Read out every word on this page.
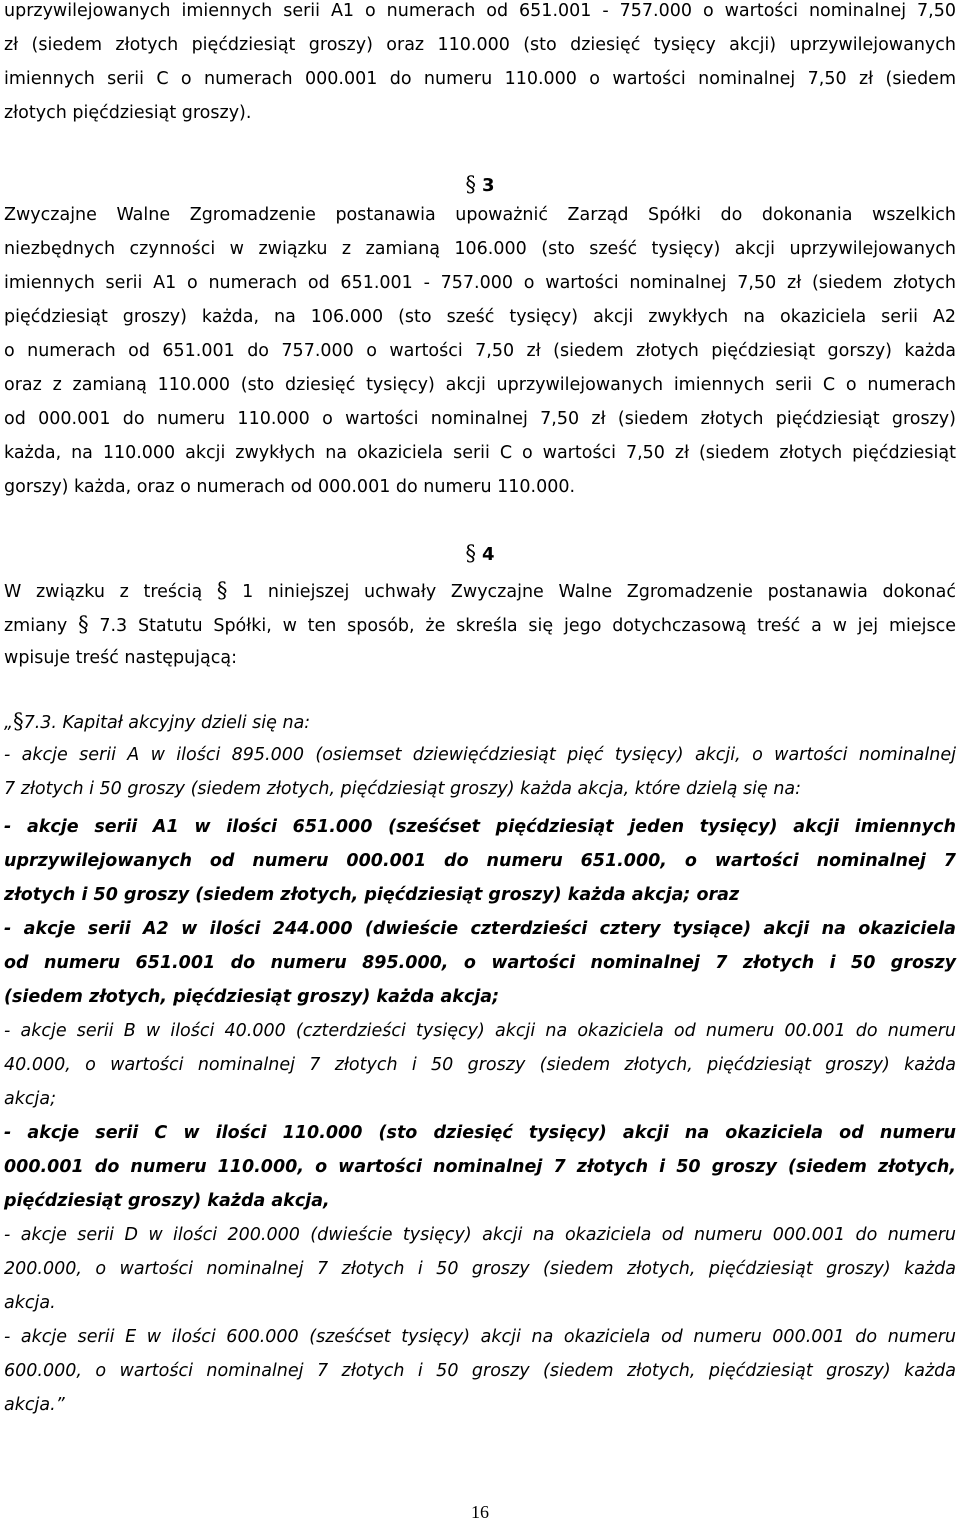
uprzywilejowanych imiennych serii A1 o numerach od 651.001 - 757.000 o wartości nominalnej 7,50
zł (siedem złotych pięćdziesiąt groszy) oraz 110.000 (sto dziesięć tysięcy akcji) uprzywilejowanych
imiennych serii C o numerach 000.001 do numeru 110.000 o wartości nominalnej 7,50 zł (siedem
złotych pięćdziesiąt groszy).
§ 3
Zwyczajne Walne Zgromadzenie postanawia upoważnić Zarząd Spółki do dokonania wszelkich
niezbędnych czynności w związku z zamianą 106.000 (sto sześć tysięcy) akcji uprzywilejowanych
imiennych serii A1 o numerach od 651.001 - 757.000 o wartości nominalnej 7,50 zł (siedem złotych
pięćdziesiąt groszy) każda, na 106.000 (sto sześć tysięcy) akcji zwykłych na okaziciela serii A2
o numerach od 651.001 do 757.000 o wartości 7,50 zł (siedem złotych pięćdziesiąt gorszy) każda
oraz z zamianą 110.000 (sto dziesięć tysięcy) akcji uprzywilejowanych imiennych serii C o numerach
od 000.001 do numeru 110.000 o wartości nominalnej 7,50 zł (siedem złotych pięćdziesiąt groszy)
każda, na 110.000 akcji zwykłych na okaziciela serii C o wartości 7,50 zł (siedem złotych pięćdziesiąt
gorszy) każda, oraz o numerach od 000.001 do numeru 110.000.
§ 4
W związku z treścią § 1 niniejszej uchwały Zwyczajne Walne Zgromadzenie postanawia dokonać
zmiany § 7.3 Statutu Spółki, w ten sposób, że skreśla się jego dotychczasową treść a w jej miejsce
wpisuje treść następującą:
„§7.3. Kapitał akcyjny dzieli się na:
- akcje serii A w ilości 895.000 (osiemset dziewięćdziesiąt pięć tysięcy) akcji, o wartości nominalnej
7 złotych i 50 groszy (siedem złotych, pięćdziesiąt groszy) każda akcja, które dzielą się na:
- akcje serii A1 w ilości 651.000 (sześćset pięćdziesiąt jeden tysięcy) akcji imiennych
uprzywilejowanych od numeru 000.001 do numeru 651.000, o wartości nominalnej 7
złotych i 50 groszy (siedem złotych, pięćdziesiąt groszy) każda akcja; oraz
- akcje serii A2 w ilości 244.000 (dwieście czterdzieści cztery tysiące) akcji na okaziciela
od numeru 651.001 do numeru 895.000, o wartości nominalnej 7 złotych i 50 groszy
(siedem złotych, pięćdziesiąt groszy) każda akcja;
- akcje serii B w ilości 40.000 (czterdzieści tysięcy) akcji na okaziciela od numeru 00.001 do numeru
40.000, o wartości nominalnej 7 złotych i 50 groszy (siedem złotych, pięćdziesiąt groszy) każda
akcja;
- akcje serii C w ilości 110.000 (sto dziesięć tysięcy) akcji na okaziciela od numeru
000.001 do numeru 110.000, o wartości nominalnej 7 złotych i 50 groszy (siedem złotych,
pięćdziesiąt groszy) każda akcja,
- akcje serii D w ilości 200.000 (dwieście tysięcy) akcji na okaziciela od numeru 000.001 do numeru
200.000, o wartości nominalnej 7 złotych i 50 groszy (siedem złotych, pięćdziesiąt groszy) każda
akcja.
- akcje serii E w ilości 600.000 (sześćset tysięcy) akcji na okaziciela od numeru 000.001 do numeru
600.000, o wartości nominalnej 7 złotych i 50 groszy (siedem złotych, pięćdziesiąt groszy) każda
akcja.”
16
